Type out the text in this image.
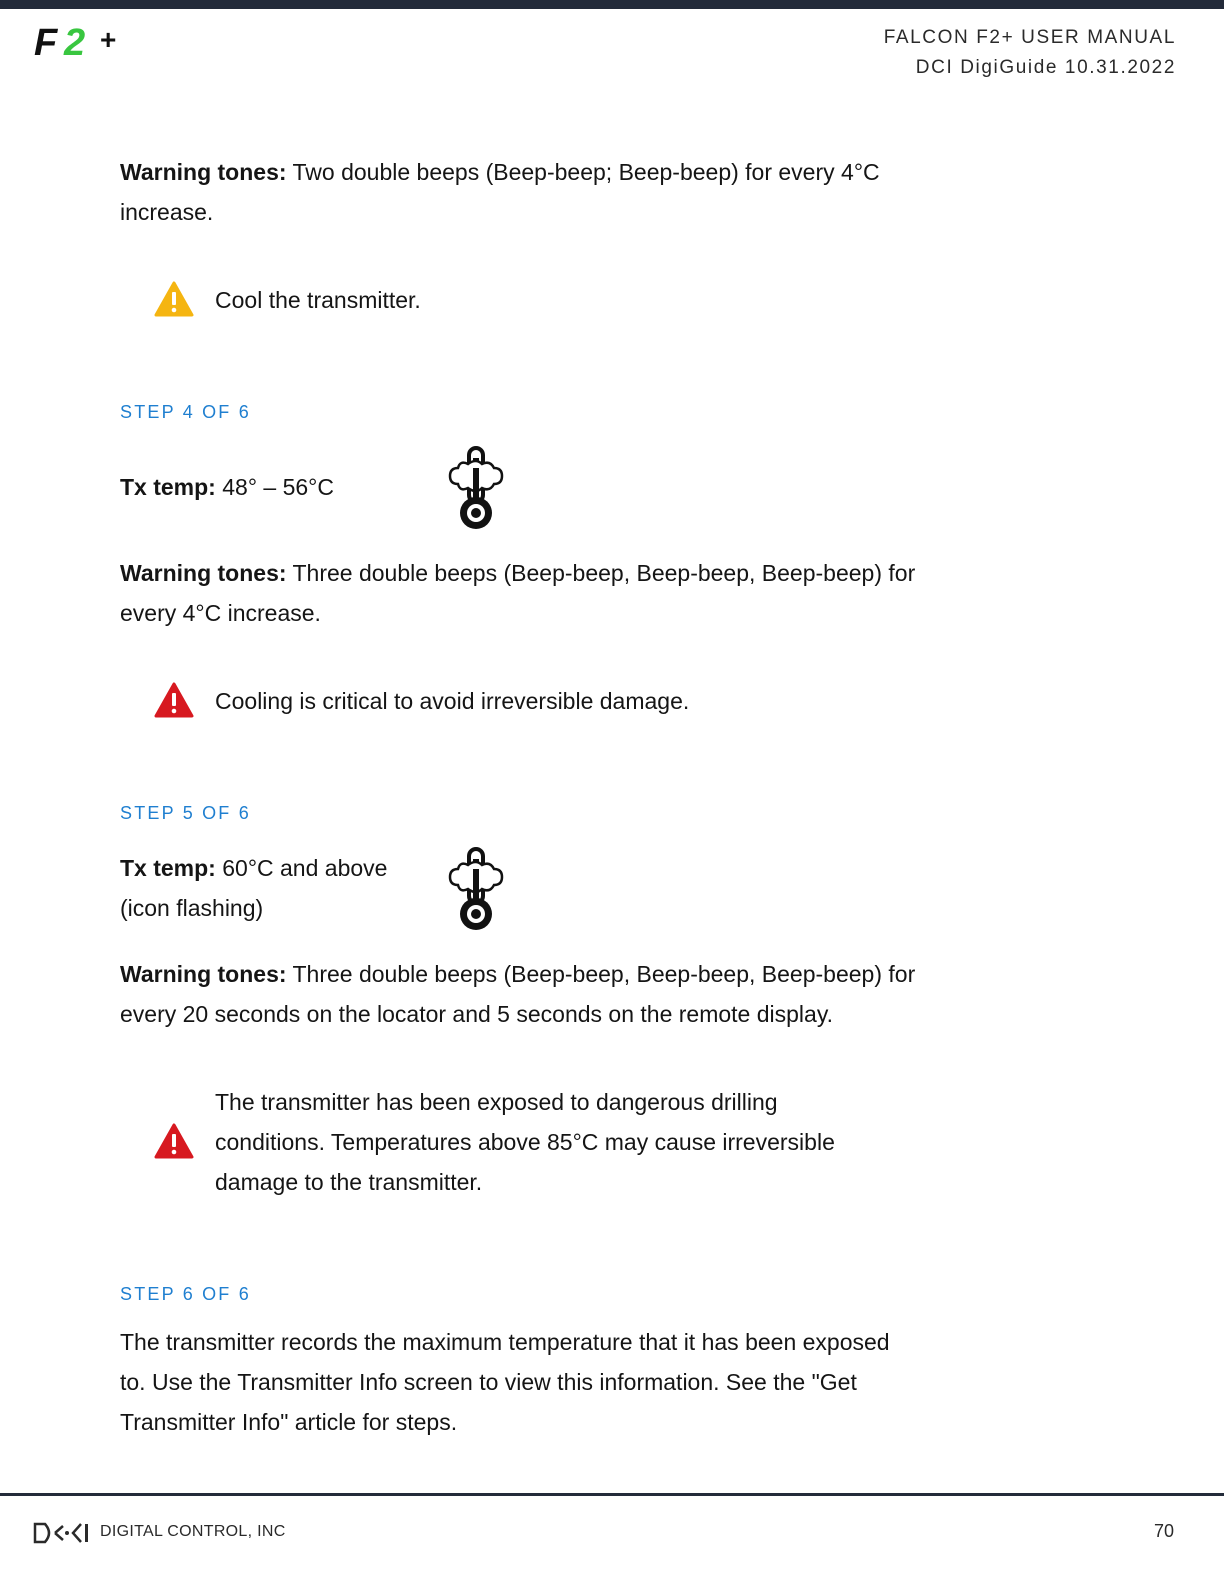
F 2 +	FALCON F2+ USER MANUAL
DCI DigiGuide 10.31.2022
Warning tones: Two double beeps (Beep-beep; Beep-beep) for every 4°C increase.
Cool the transmitter.
STEP 4 OF 6
Tx temp: 48° – 56°C
Warning tones: Three double beeps (Beep-beep, Beep-beep, Beep-beep) for every 4°C increase.
Cooling is critical to avoid irreversible damage.
STEP 5 OF 6
Tx temp: 60°C and above
(icon flashing)
Warning tones: Three double beeps (Beep-beep, Beep-beep, Beep-beep) for every 20 seconds on the locator and 5 seconds on the remote display.
The transmitter has been exposed to dangerous drilling conditions. Temperatures above 85°C may cause irreversible damage to the transmitter.
STEP 6 OF 6
The transmitter records the maximum temperature that it has been exposed to. Use the Transmitter Info screen to view this information. See the "Get Transmitter Info" article for steps.
DIGITAL CONTROL, INC	70
